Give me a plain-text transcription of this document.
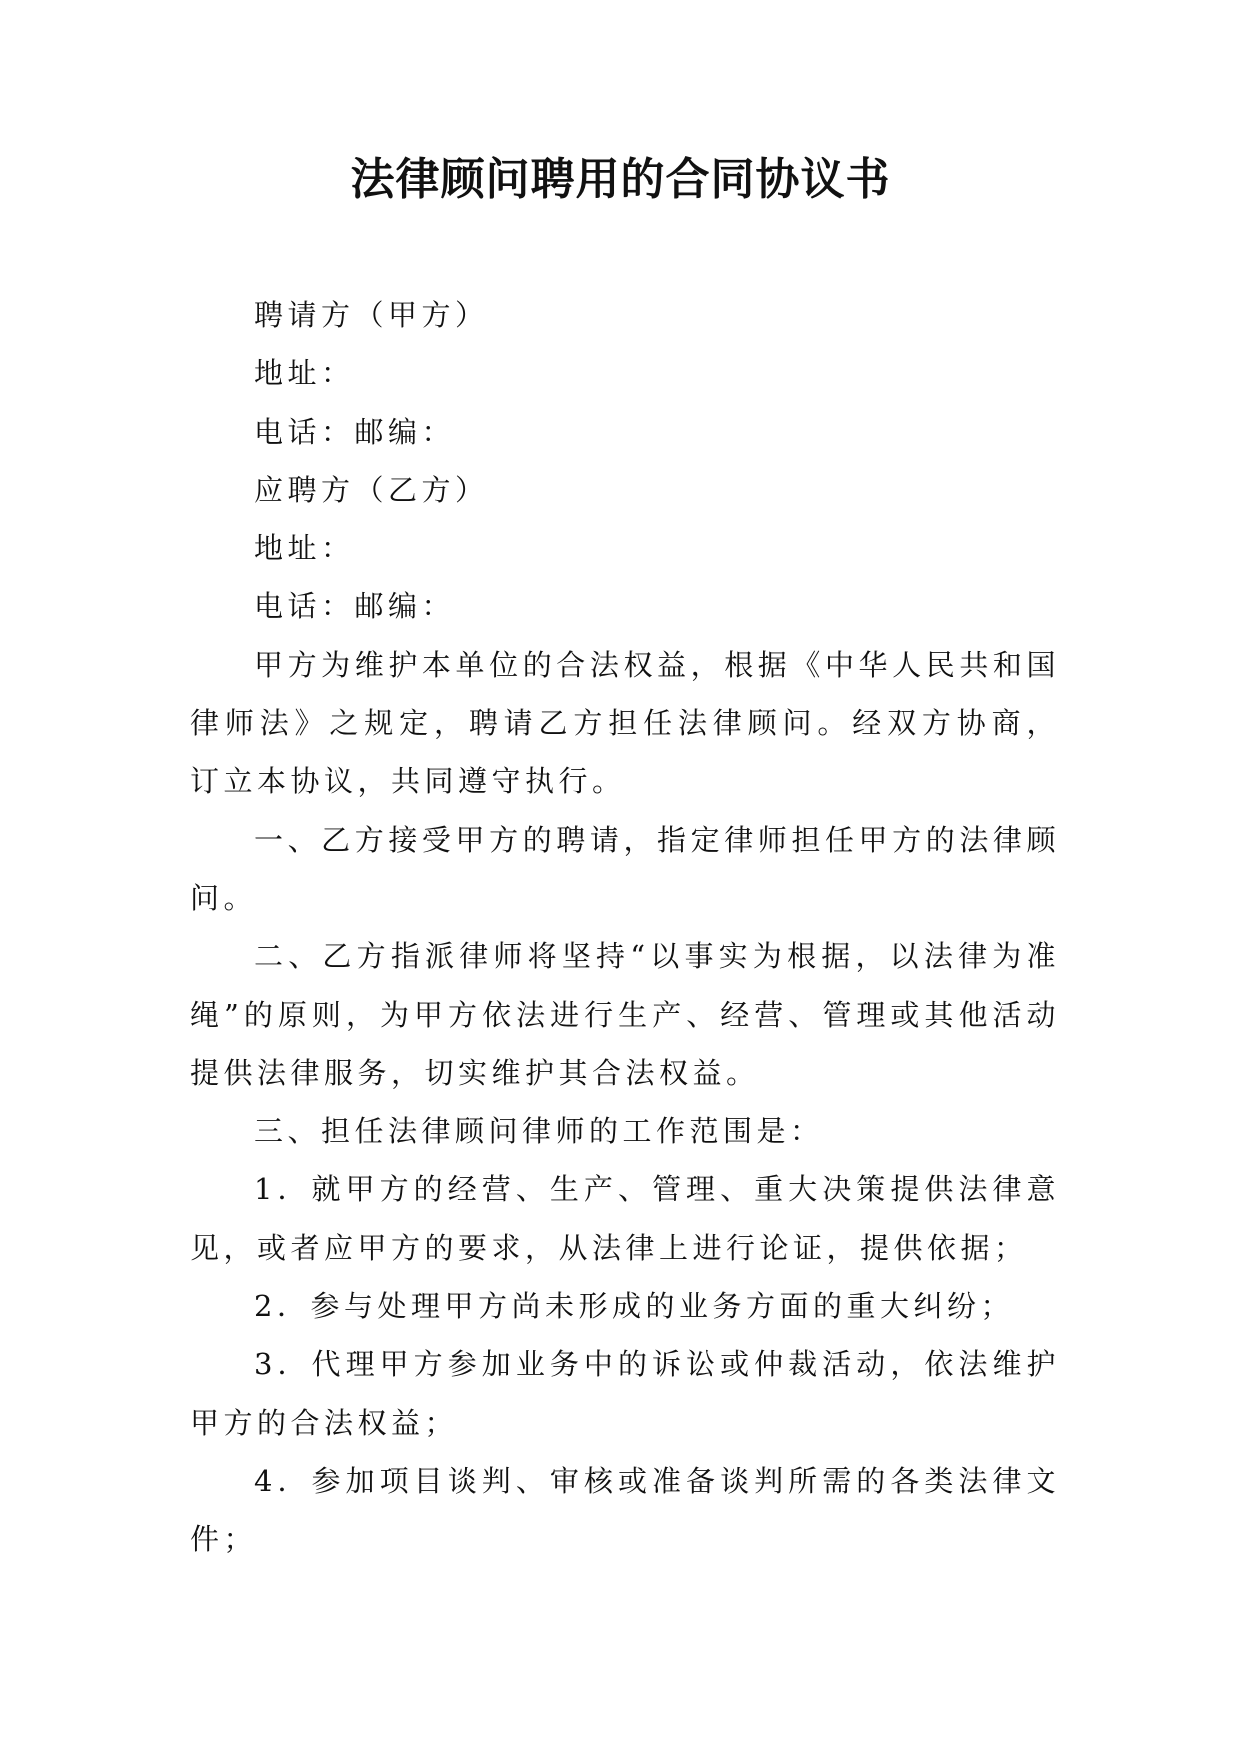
法律顾问聘用的合同协议书

聘请方（甲方）

地址：

电话：邮编：

应聘方（乙方）

地址：

电话：邮编：

甲方为维护本单位的合法权益，根据《中华人民共和国律师法》之规定，聘请乙方担任法律顾问。经双方协商，订立本协议，共同遵守执行。

一、乙方接受甲方的聘请，指定律师担任甲方的法律顾问。

二、乙方指派律师将坚持“以事实为根据，以法律为准绳”的原则，为甲方依法进行生产、经营、管理或其他活动提供法律服务，切实维护其合法权益。

三、担任法律顾问律师的工作范围是：

1．就甲方的经营、生产、管理、重大决策提供法律意见，或者应甲方的要求，从法律上进行论证，提供依据；

2．参与处理甲方尚未形成的业务方面的重大纠纷；

3．代理甲方参加业务中的诉讼或仲裁活动，依法维护甲方的合法权益；

4．参加项目谈判、审核或准备谈判所需的各类法律文件；
